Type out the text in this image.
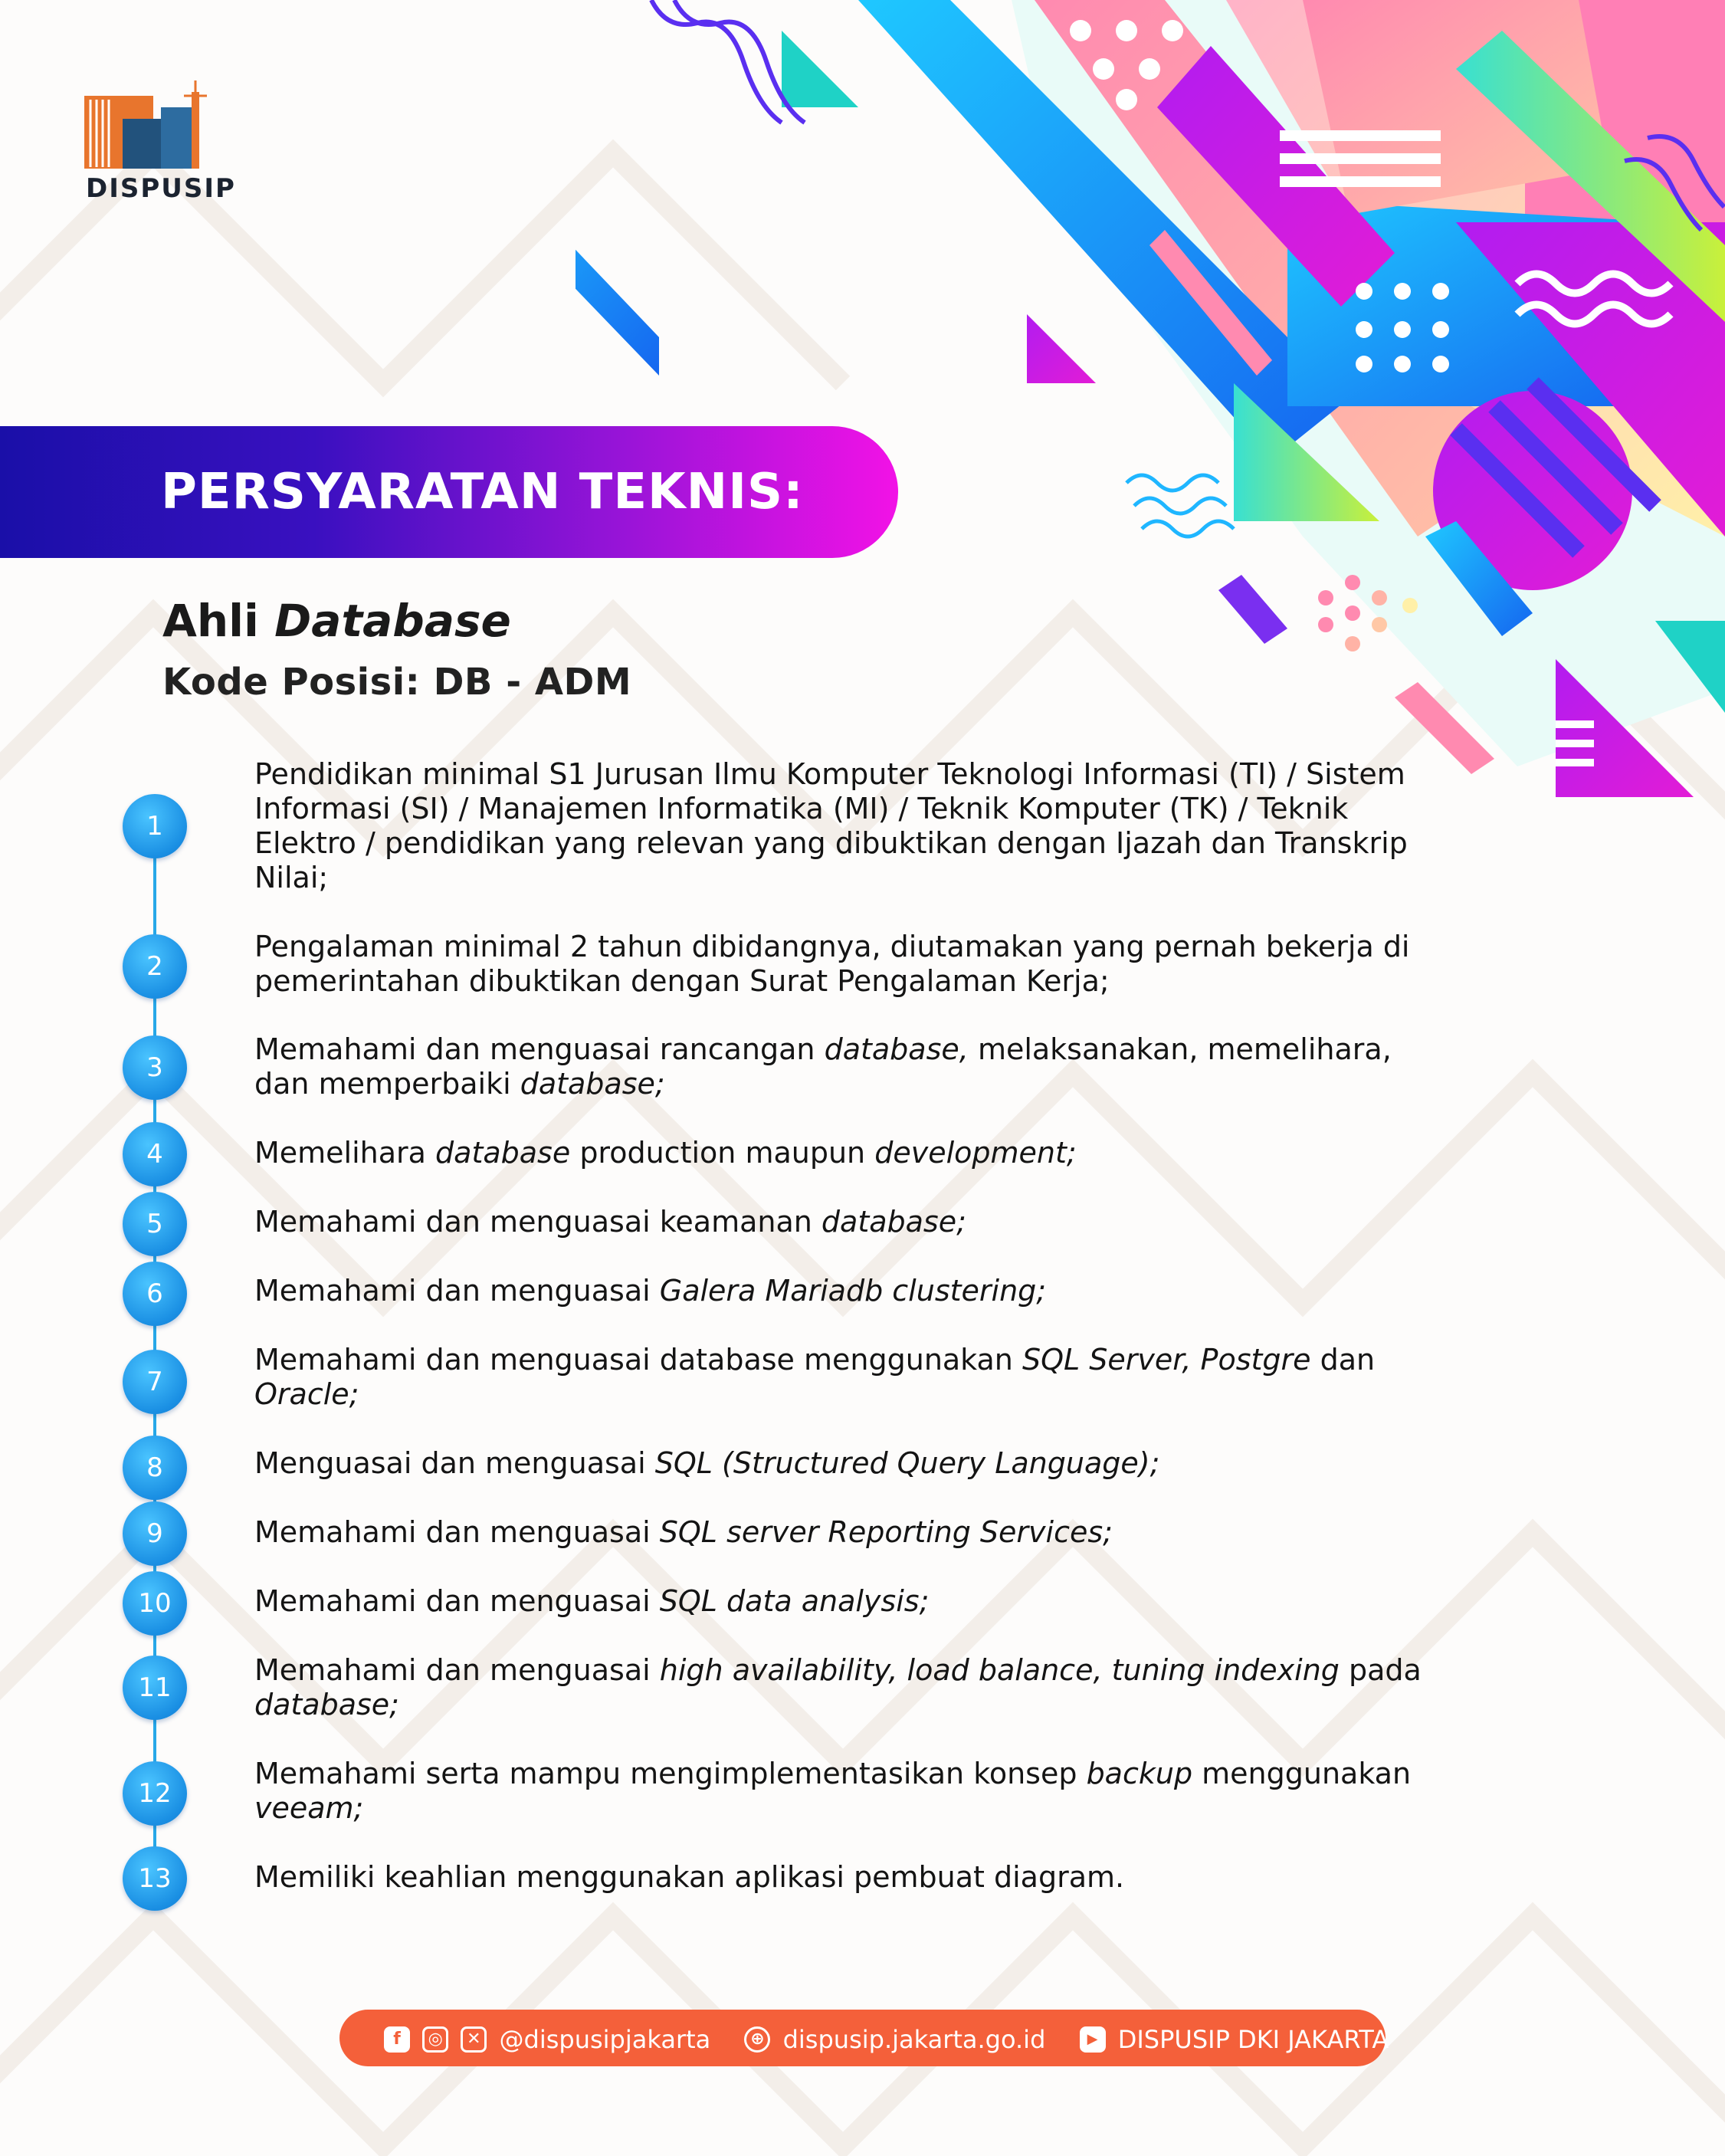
DISPUSIP
PERSYARATAN TEKNIS:
Ahli Database
Kode Posisi: DB - ADM
1
Pendidikan minimal S1 Jurusan Ilmu Komputer Teknologi Informasi (TI) / Sistem Informasi (SI) / Manajemen Informatika (MI) / Teknik Komputer (TK) / Teknik Elektro / pendidikan yang relevan yang dibuktikan dengan Ijazah dan Transkrip Nilai;
2
Pengalaman minimal 2 tahun dibidangnya, diutamakan yang pernah bekerja di pemerintahan dibuktikan dengan Surat Pengalaman Kerja;
3
Memahami dan menguasai rancangan database, melaksanakan, memelihara, dan memperbaiki database;
4	Memelihara database production maupun development;
5	Memahami dan menguasai keamanan database;
6	Memahami dan menguasai Galera Mariadb clustering;
7
Memahami dan menguasai database menggunakan SQL Server, Postgre dan Oracle;
8	Menguasai dan menguasai SQL (Structured Query Language);
9	Memahami dan menguasai SQL server Reporting Services;
10	Memahami dan menguasai SQL data analysis;
11
Memahami dan menguasai high availability, load balance, tuning indexing pada database;
12
Memahami serta mampu mengimplementasikan konsep backup menggunakan veeam;
13	Memiliki keahlian menggunakan aplikasi pembuat diagram.
f ◎ ✕ @dispusipjakarta ⊕ dispusip.jakarta.go.id	▶ DISPUSIP DKI JAKARTA
